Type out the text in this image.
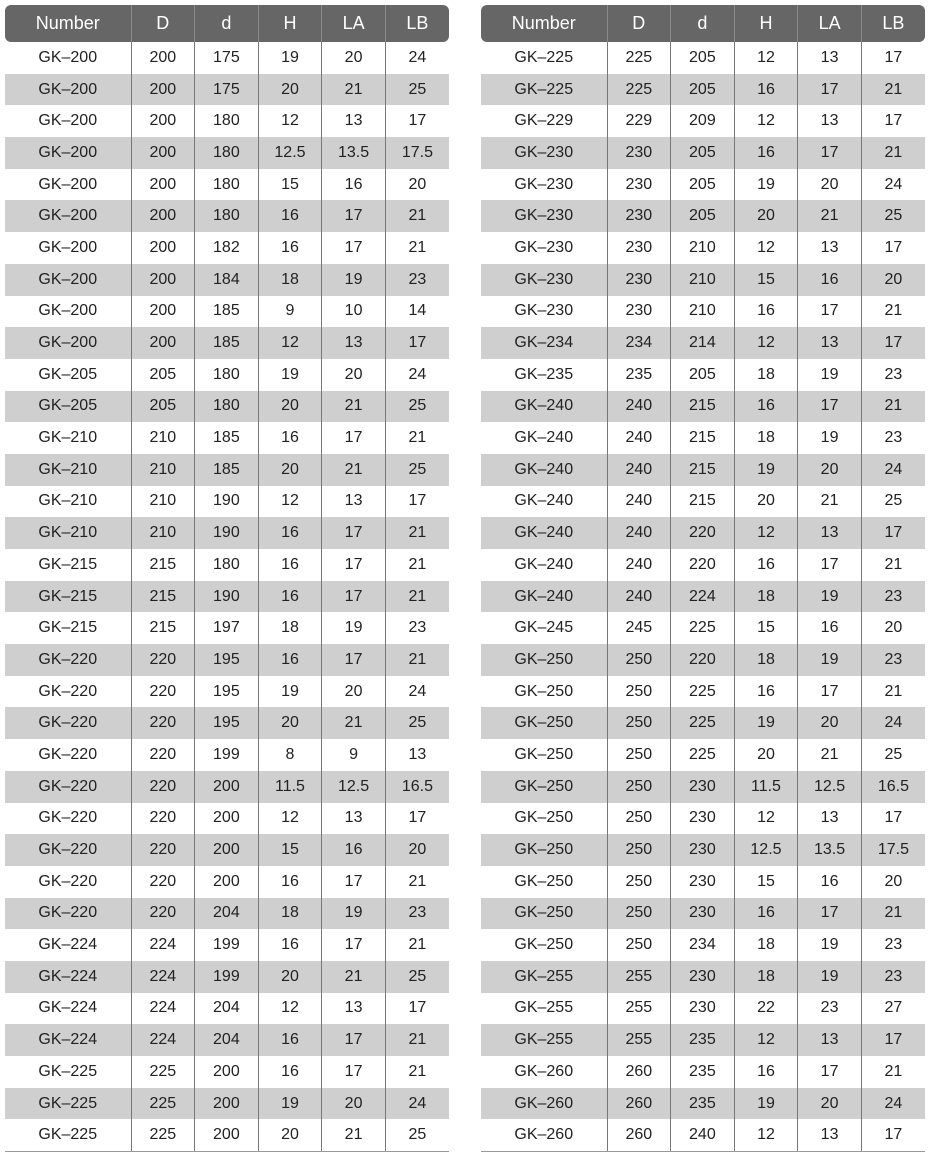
Number	D	d	H	LA	LB
GK–200	200	175	19	20	24
GK–200	200	175	20	21	25
GK–200	200	180	12	13	17
GK–200	200	180	12.5	13.5	17.5
GK–200	200	180	15	16	20
GK–200	200	180	16	17	21
GK–200	200	182	16	17	21
GK–200	200	184	18	19	23
GK–200	200	185	9	10	14
GK–200	200	185	12	13	17
GK–205	205	180	19	20	24
GK–205	205	180	20	21	25
GK–210	210	185	16	17	21
GK–210	210	185	20	21	25
GK–210	210	190	12	13	17
GK–210	210	190	16	17	21
GK–215	215	180	16	17	21
GK–215	215	190	16	17	21
GK–215	215	197	18	19	23
GK–220	220	195	16	17	21
GK–220	220	195	19	20	24
GK–220	220	195	20	21	25
GK–220	220	199	8	9	13
GK–220	220	200	11.5	12.5	16.5
GK–220	220	200	12	13	17
GK–220	220	200	15	16	20
GK–220	220	200	16	17	21
GK–220	220	204	18	19	23
GK–224	224	199	16	17	21
GK–224	224	199	20	21	25
GK–224	224	204	12	13	17
GK–224	224	204	16	17	21
GK–225	225	200	16	17	21
GK–225	225	200	19	20	24
GK–225	225	200	20	21	25
Number	D	d	H	LA	LB
GK–225	225	205	12	13	17
GK–225	225	205	16	17	21
GK–229	229	209	12	13	17
GK–230	230	205	16	17	21
GK–230	230	205	19	20	24
GK–230	230	205	20	21	25
GK–230	230	210	12	13	17
GK–230	230	210	15	16	20
GK–230	230	210	16	17	21
GK–234	234	214	12	13	17
GK–235	235	205	18	19	23
GK–240	240	215	16	17	21
GK–240	240	215	18	19	23
GK–240	240	215	19	20	24
GK–240	240	215	20	21	25
GK–240	240	220	12	13	17
GK–240	240	220	16	17	21
GK–240	240	224	18	19	23
GK–245	245	225	15	16	20
GK–250	250	220	18	19	23
GK–250	250	225	16	17	21
GK–250	250	225	19	20	24
GK–250	250	225	20	21	25
GK–250	250	230	11.5	12.5	16.5
GK–250	250	230	12	13	17
GK–250	250	230	12.5	13.5	17.5
GK–250	250	230	15	16	20
GK–250	250	230	16	17	21
GK–250	250	234	18	19	23
GK–255	255	230	18	19	23
GK–255	255	230	22	23	27
GK–255	255	235	12	13	17
GK–260	260	235	16	17	21
GK–260	260	235	19	20	24
GK–260	260	240	12	13	17
